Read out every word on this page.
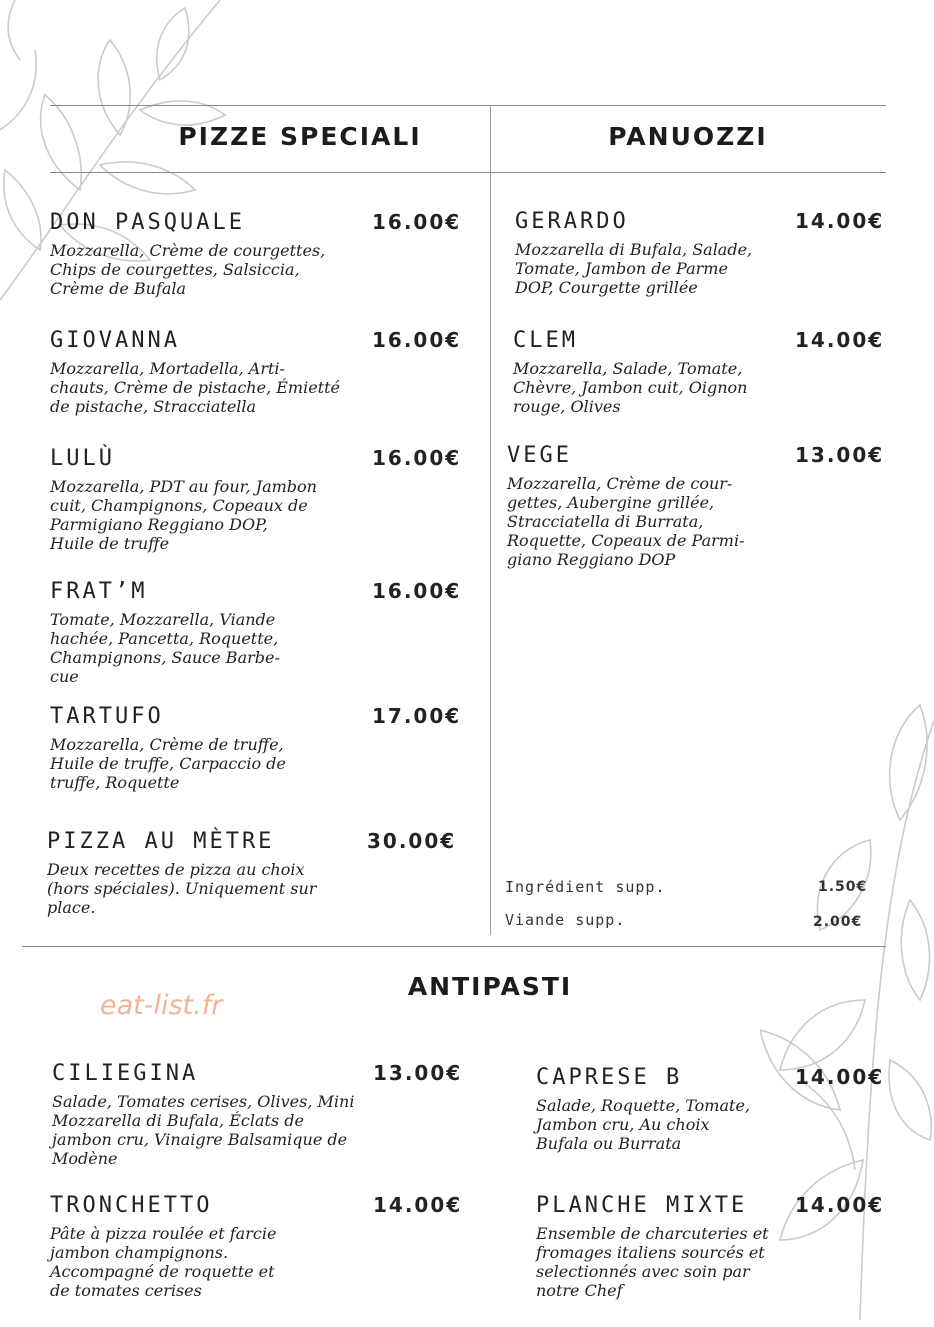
PIZZE SPECIALI	PANUOZZI
ANTIPASTI
DON PASQUALE	16.00€

Mozzarella, Crème de courgettes,
Chips de courgettes, Salsiccia,
Crème de Bufala

GIOVANNA	16.00€

Mozzarella, Mortadella, Arti-
chauts, Crème de pistache, Émietté
de pistache, Stracciatella

LULÙ	16.00€

Mozzarella, PDT au four, Jambon
cuit, Champignons, Copeaux de
Parmigiano Reggiano DOP,
Huile de truffe

FRAT’M	16.00€

Tomate, Mozzarella, Viande
hachée, Pancetta, Roquette,
Champignons, Sauce Barbe-
cue

TARTUFO	17.00€

Mozzarella, Crème de truffe,
Huile de truffe, Carpaccio de
truffe, Roquette

PIZZA AU MÈTRE	30.00€

Deux recettes de pizza au choix
(hors spéciales). Uniquement sur
place.

GERARDO	14.00€

Mozzarella di Bufala, Salade,
Tomate, Jambon de Parme
DOP, Courgette grillée

CLEM	14.00€

Mozzarella, Salade, Tomate,
Chèvre, Jambon cuit, Oignon
rouge, Olives

VEGE	13.00€

Mozzarella, Crème de cour-
gettes, Aubergine grillée,
Stracciatella di Burrata,
Roquette, Copeaux de Parmi-
giano Reggiano DOP

Ingrédient supp.	1.50€
Viande supp.	2.00€
eat-list.fr
CILIEGINA	13.00€

Salade, Tomates cerises, Olives, Mini
Mozzarella di Bufala, Éclats de
jambon cru, Vinaigre Balsamique de
Modène

CAPRESE B	14.00€

Salade, Roquette, Tomate,
Jambon cru, Au choix
Bufala ou Burrata

TRONCHETTO	14.00€

Pâte à pizza roulée et farcie
jambon champignons.
Accompagné de roquette et
de tomates cerises

PLANCHE MIXTE 14.00€

Ensemble de charcuteries et
fromages italiens sourcés et
selectionnés avec soin par
notre Chef
